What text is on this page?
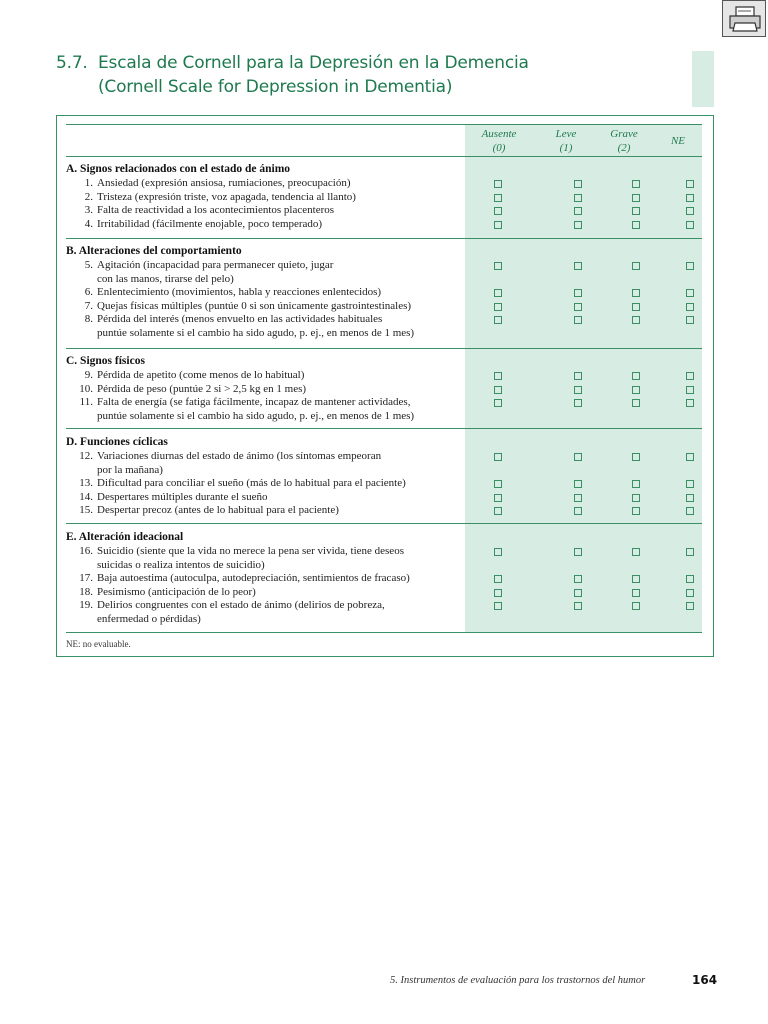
5.7. Escala de Cornell para la Depresión en la Demencia
(Cornell Scale for Depression in Dementia)
Ausente
(0)
Leve
(1)
Grave
(2)
NE
A. Signos relacionados con el estado de ánimo
1. Ansiedad (expresión ansiosa, rumiaciones, preocupación)
2. Tristeza (expresión triste, voz apagada, tendencia al llanto)
3. Falta de reactividad a los acontecimientos placenteros
4. Irritabilidad (fácilmente enojable, poco temperado)
B. Alteraciones del comportamiento
5. Agitación (incapacidad para permanecer quieto, jugar
con las manos, tirarse del pelo)
6. Enlentecimiento (movimientos, habla y reacciones enlentecidos)
7. Quejas físicas múltiples (puntúe 0 si son únicamente gastrointestinales)
8. Pérdida del interés (menos envuelto en las actividades habituales
puntúe solamente si el cambio ha sido agudo, p. ej., en menos de 1 mes)
C. Signos físicos
9. Pérdida de apetito (come menos de lo habitual)
10. Pérdida de peso (puntúe 2 si > 2,5 kg en 1 mes)
11. Falta de energía (se fatiga fácilmente, incapaz de mantener actividades,
puntúe solamente si el cambio ha sido agudo, p. ej., en menos de 1 mes)
D. Funciones cíclicas
12. Variaciones diurnas del estado de ánimo (los síntomas empeoran
por la mañana)
13. Dificultad para conciliar el sueño (más de lo habitual para el paciente)
14. Despertares múltiples durante el sueño
15. Despertar precoz (antes de lo habitual para el paciente)
E. Alteración ideacional
16. Suicidio (siente que la vida no merece la pena ser vivida, tiene deseos
suicidas o realiza intentos de suicidio)
17. Baja autoestima (autoculpa, autodepreciación, sentimientos de fracaso)
18. Pesimismo (anticipación de lo peor)
19. Delirios congruentes con el estado de ánimo (delirios de pobreza,
enfermedad o pérdidas)
NE: no evaluable.
5. Instrumentos de evaluación para los trastornos del humor	164
